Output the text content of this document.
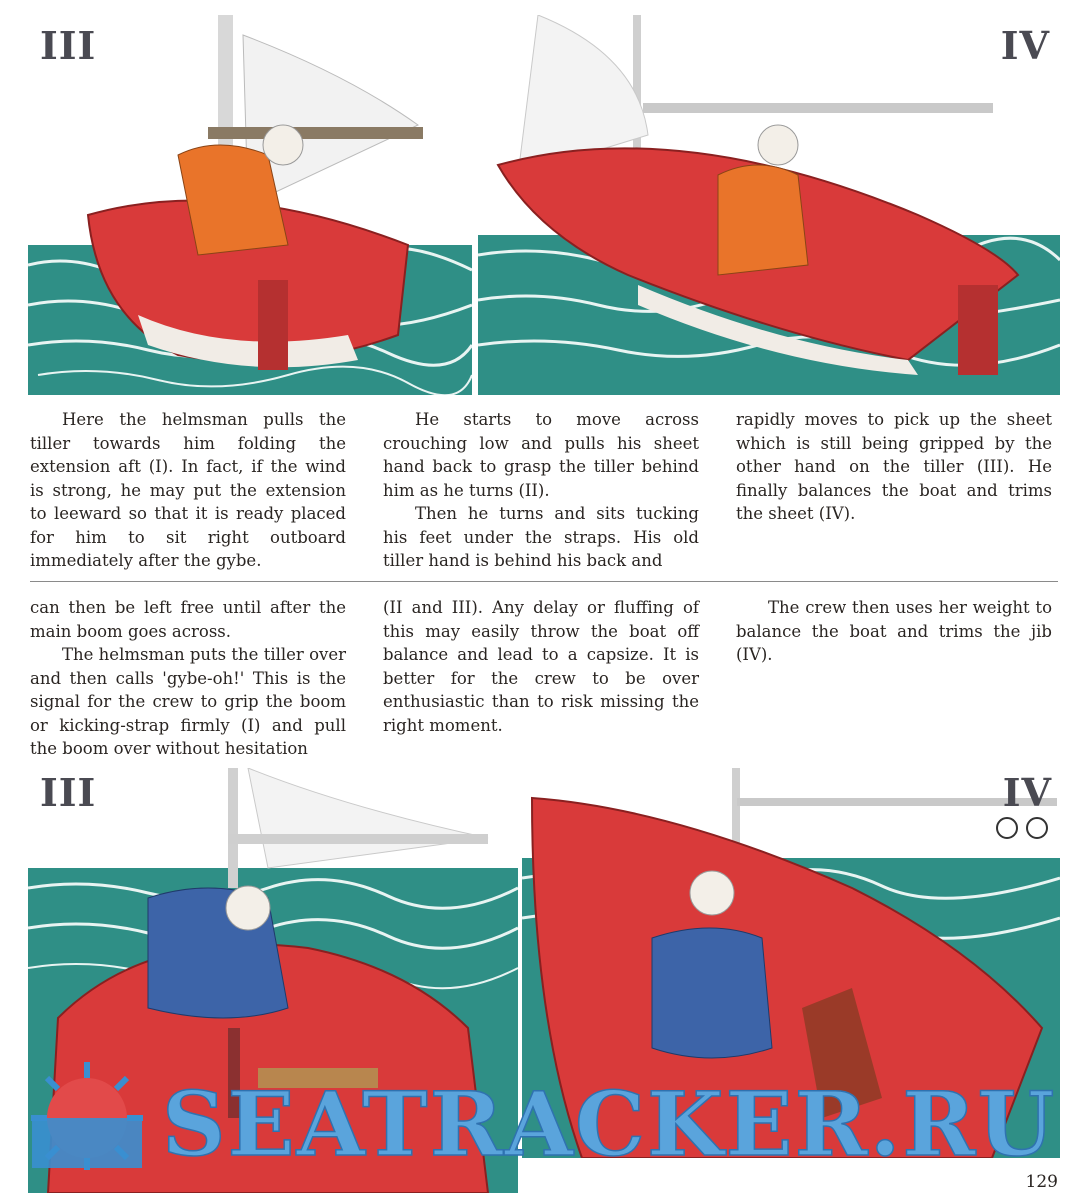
III	IV

Here the helmsman pulls the tiller towards him folding the extension aft (I). In fact, if the wind is strong, he may put the extension to leeward so that it is ready placed for him to sit right outboard immediately after the gybe.

He starts to move across crouching low and pulls his sheet hand back to grasp the tiller behind him as he turns (II).

Then he turns and sits tucking his feet under the straps. His old tiller hand is behind his back and

rapidly moves to pick up the sheet which is still being gripped by the other hand on the tiller (III). He finally balances the boat and trims the sheet (IV).

can then be left free until after the main boom goes across.

The helmsman puts the tiller over and then calls 'gybe-oh!' This is the signal for the crew to grip the boom or kicking-strap firmly (I) and pull the boom over without hesitation

(II and III). Any delay or fluffing of this may easily throw the boat off balance and lead to a capsize. It is better for the crew to be over enthusiastic than to risk missing the right moment.

The crew then uses her weight to balance the boat and trims the jib (IV).

III	IV
SEATRACKER.RU
129
